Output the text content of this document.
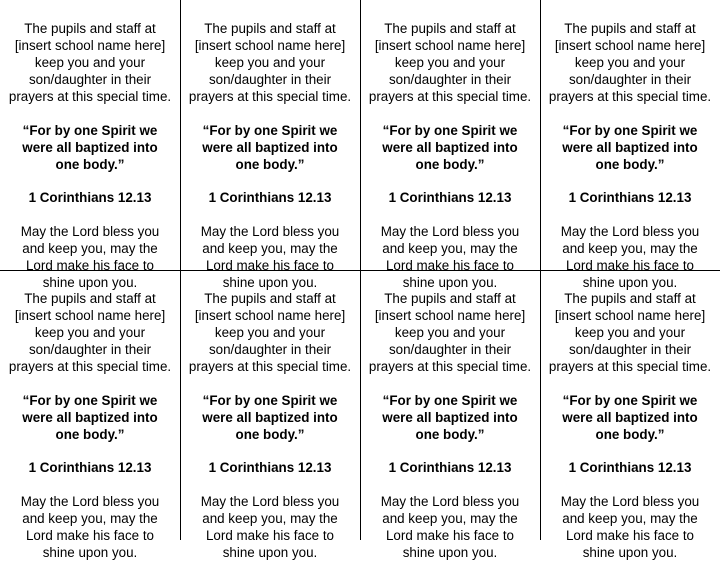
The pupils and staff at

[insert school name here]

keep you and your

son/daughter in their

prayers at this special time.

“For by one Spirit we

were all baptized into

one body.”

1 Corinthians 12.13

May the Lord bless you

and keep you, may the

Lord make his face to

shine upon you.

The pupils and staff at

[insert school name here]

keep you and your

son/daughter in their

prayers at this special time.

“For by one Spirit we

were all baptized into

one body.”

1 Corinthians 12.13

May the Lord bless you

and keep you, may the

Lord make his face to

shine upon you.

The pupils and staff at

[insert school name here]

keep you and your

son/daughter in their

prayers at this special time.

“For by one Spirit we

were all baptized into

one body.”

1 Corinthians 12.13

May the Lord bless you

and keep you, may the

Lord make his face to

shine upon you.

The pupils and staff at

[insert school name here]

keep you and your

son/daughter in their

prayers at this special time.

“For by one Spirit we

were all baptized into

one body.”

1 Corinthians 12.13

May the Lord bless you

and keep you, may the

Lord make his face to

shine upon you.

The pupils and staff at

[insert school name here]

keep you and your

son/daughter in their

prayers at this special time.

“For by one Spirit we

were all baptized into

one body.”

1 Corinthians 12.13

May the Lord bless you

and keep you, may the

Lord make his face to

shine upon you.

The pupils and staff at

[insert school name here]

keep you and your

son/daughter in their

prayers at this special time.

“For by one Spirit we

were all baptized into

one body.”

1 Corinthians 12.13

May the Lord bless you

and keep you, may the

Lord make his face to

shine upon you.

The pupils and staff at

[insert school name here]

keep you and your

son/daughter in their

prayers at this special time.

“For by one Spirit we

were all baptized into

one body.”

1 Corinthians 12.13

May the Lord bless you

and keep you, may the

Lord make his face to

shine upon you.

The pupils and staff at

[insert school name here]

keep you and your

son/daughter in their

prayers at this special time.

“For by one Spirit we

were all baptized into

one body.”

1 Corinthians 12.13

May the Lord bless you

and keep you, may the

Lord make his face to

shine upon you.
